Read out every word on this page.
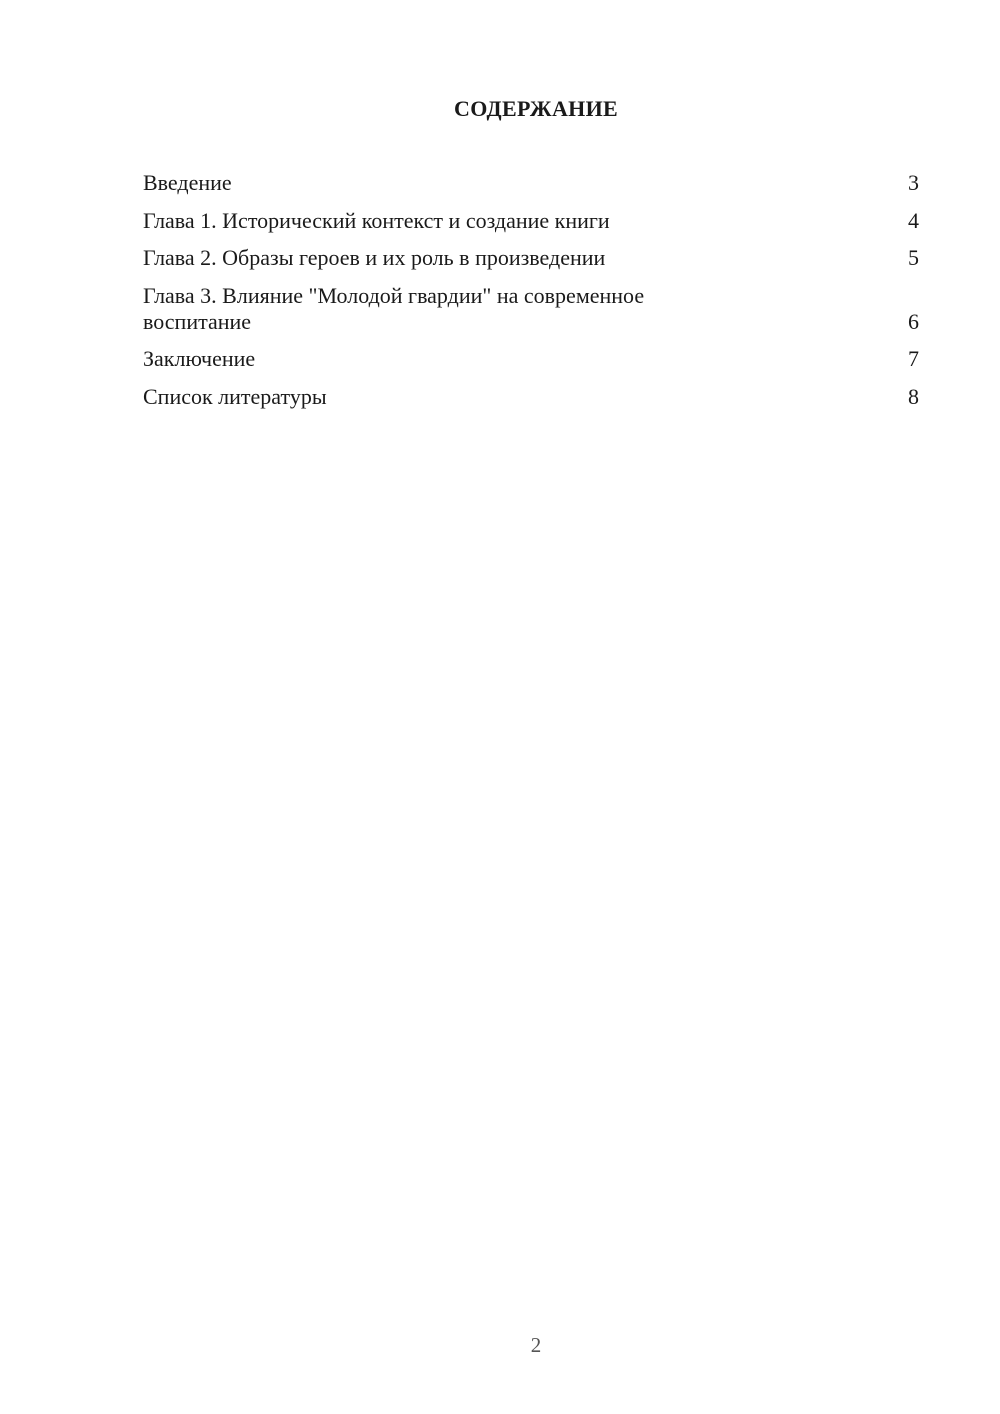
СОДЕРЖАНИЕ
Введение	3
Глава 1. Исторический контекст и создание книги	4
Глава 2. Образы героев и их роль в произведении	5
Глава 3. Влияние "Молодой гвардии" на современное воспитание	6
Заключение	7
Список литературы	8
2
